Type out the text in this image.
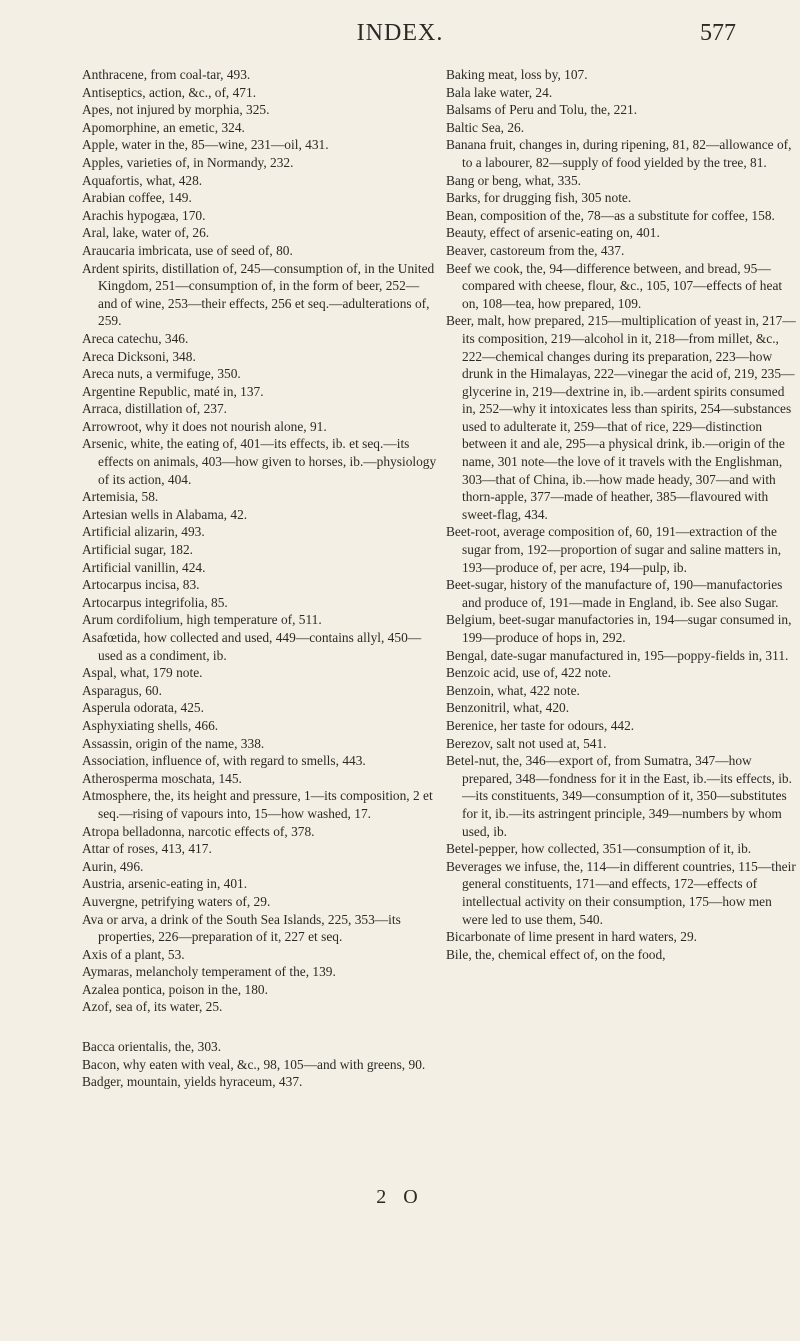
INDEX.	577
Anthracene, from coal-tar, 493.
Antiseptics, action, &c., of, 471.
Apes, not injured by morphia, 325.
Apomorphine, an emetic, 324.
Apple, water in the, 85—wine, 231—oil, 431.
Apples, varieties of, in Normandy, 232.
Aquafortis, what, 428.
Arabian coffee, 149.
Arachis hypogæa, 170.
Aral, lake, water of, 26.
Araucaria imbricata, use of seed of, 80.
Ardent spirits, distillation of, 245—consumption of, in the United Kingdom, 251—consumption of, in the form of beer, 252—and of wine, 253—their effects, 256 et seq.—adulterations of, 259.
Areca catechu, 346.
Areca Dicksoni, 348.
Areca nuts, a vermifuge, 350.
Argentine Republic, maté in, 137.
Arraca, distillation of, 237.
Arrowroot, why it does not nourish alone, 91.
Arsenic, white, the eating of, 401—its effects, ib. et seq.—its effects on animals, 403—how given to horses, ib.—physiology of its action, 404.
Artemisia, 58.
Artesian wells in Alabama, 42.
Artificial alizarin, 493.
Artificial sugar, 182.
Artificial vanillin, 424.
Artocarpus incisa, 83.
Artocarpus integrifolia, 85.
Arum cordifolium, high temperature of, 511.
Asafœtida, how collected and used, 449—contains allyl, 450—used as a condiment, ib.
Aspal, what, 179 note.
Asparagus, 60.
Asperula odorata, 425.
Asphyxiating shells, 466.
Assassin, origin of the name, 338.
Association, influence of, with regard to smells, 443.
Atherosperma moschata, 145.
Atmosphere, the, its height and pressure, 1—its composition, 2 et seq.—rising of vapours into, 15—how washed, 17.
Atropa belladonna, narcotic effects of, 378.
Attar of roses, 413, 417.
Aurin, 496.
Austria, arsenic-eating in, 401.
Auvergne, petrifying waters of, 29.
Ava or arva, a drink of the South Sea Islands, 225, 353—its properties, 226—preparation of it, 227 et seq.
Axis of a plant, 53.
Aymaras, melancholy temperament of the, 139.
Azalea pontica, poison in the, 180.
Azof, sea of, its water, 25.
Bacca orientalis, the, 303.
Bacon, why eaten with veal, &c., 98, 105—and with greens, 90.
Badger, mountain, yields hyraceum, 437.
Baking meat, loss by, 107.
Bala lake water, 24.
Balsams of Peru and Tolu, the, 221.
Baltic Sea, 26.
Banana fruit, changes in, during ripening, 81, 82—allowance of, to a labourer, 82—supply of food yielded by the tree, 81.
Bang or beng, what, 335.
Barks, for drugging fish, 305 note.
Bean, composition of the, 78—as a substitute for coffee, 158.
Beauty, effect of arsenic-eating on, 401.
Beaver, castoreum from the, 437.
Beef we cook, the, 94—difference between, and bread, 95—compared with cheese, flour, &c., 105, 107—effects of heat on, 108—tea, how prepared, 109.
Beer, malt, how prepared, 215—multiplication of yeast in, 217—its composition, 219—alcohol in it, 218—from millet, &c., 222—chemical changes during its preparation, 223—how drunk in the Himalayas, 222—vinegar the acid of, 219, 235—glycerine in, 219—dextrine in, ib.—ardent spirits consumed in, 252—why it intoxicates less than spirits, 254—substances used to adulterate it, 259—that of rice, 229—distinction between it and ale, 295—a physical drink, ib.—origin of the name, 301 note—the love of it travels with the Englishman, 303—that of China, ib.—how made heady, 307—and with thorn-apple, 377—made of heather, 385—flavoured with sweet-flag, 434.
Beet-root, average composition of, 60, 191—extraction of the sugar from, 192—proportion of sugar and saline matters in, 193—produce of, per acre, 194—pulp, ib.
Beet-sugar, history of the manufacture of, 190—manufactories and produce of, 191—made in England, ib. See also Sugar.
Belgium, beet-sugar manufactories in, 194—sugar consumed in, 199—produce of hops in, 292.
Bengal, date-sugar manufactured in, 195—poppy-fields in, 311.
Benzoic acid, use of, 422 note.
Benzoin, what, 422 note.
Benzonitril, what, 420.
Berenice, her taste for odours, 442.
Berezov, salt not used at, 541.
Betel-nut, the, 346—export of, from Sumatra, 347—how prepared, 348—fondness for it in the East, ib.—its effects, ib.—its constituents, 349—consumption of it, 350—substitutes for it, ib.—its astringent principle, 349—numbers by whom used, ib.
Betel-pepper, how collected, 351—consumption of it, ib.
Beverages we infuse, the, 114—in different countries, 115—their general constituents, 171—and effects, 172—effects of intellectual activity on their consumption, 175—how men were led to use them, 540.
Bicarbonate of lime present in hard waters, 29.
Bile, the, chemical effect of, on the food,
2 O
